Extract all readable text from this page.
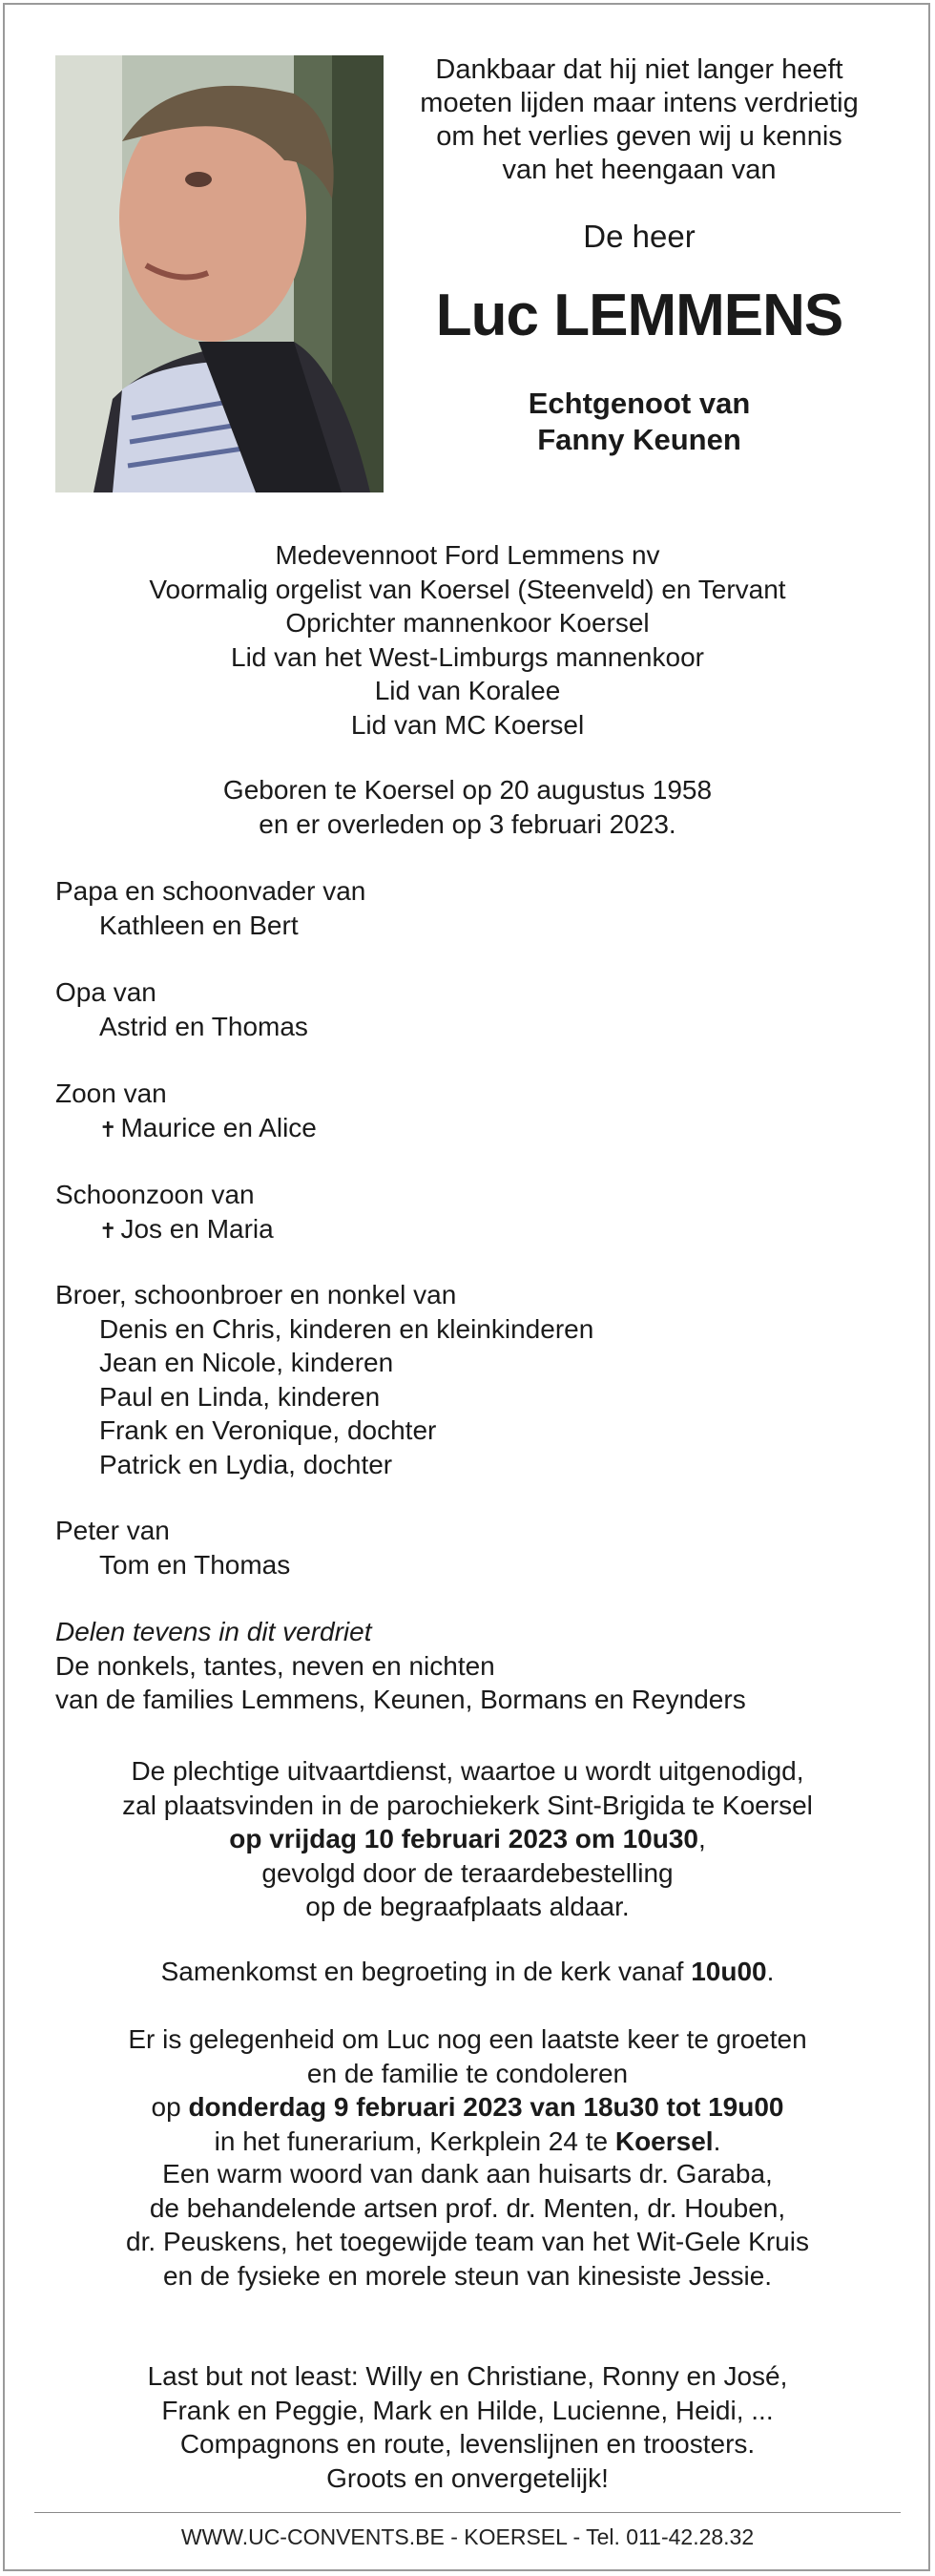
Dankbaar dat hij niet langer heeft
moeten lijden maar intens verdrietig
om het verlies geven wij u kennis
van het heengaan van
De heer
Luc LEMMENS
Echtgenoot van
Fanny Keunen
Medevennoot Ford Lemmens nv
Voormalig orgelist van Koersel (Steenveld) en Tervant
Oprichter mannenkoor Koersel
Lid van het West-Limburgs mannenkoor
Lid van Koralee
Lid van MC Koersel
Geboren te Koersel op 20 augustus 1958
en er overleden op 3 februari 2023.
Papa en schoonvader van
Kathleen en Bert
Opa van
Astrid en Thomas
Zoon van
✝ Maurice en Alice
Schoonzoon van
✝ Jos en Maria
Broer, schoonbroer en nonkel van
Denis en Chris, kinderen en kleinkinderen
Jean en Nicole, kinderen
Paul en Linda, kinderen
Frank en Veronique, dochter
Patrick en Lydia, dochter
Peter van
Tom en Thomas
Delen tevens in dit verdriet
De nonkels, tantes, neven en nichten
van de families Lemmens, Keunen, Bormans en Reynders
De plechtige uitvaartdienst, waartoe u wordt uitgenodigd,
zal plaatsvinden in de parochiekerk Sint-Brigida te Koersel
op vrijdag 10 februari 2023 om 10u30,
gevolgd door de teraardebestelling
op de begraafplaats aldaar.
Samenkomst en begroeting in de kerk vanaf 10u00.
Er is gelegenheid om Luc nog een laatste keer te groeten
en de familie te condoleren
op donderdag 9 februari 2023 van 18u30 tot 19u00
in het funerarium, Kerkplein 24 te Koersel.
Een warm woord van dank aan huisarts dr. Garaba,
de behandelende artsen prof. dr. Menten, dr. Houben,
dr. Peuskens, het toegewijde team van het Wit-Gele Kruis
en de fysieke en morele steun van kinesiste Jessie.
Last but not least: Willy en Christiane, Ronny en José,
Frank en Peggie, Mark en Hilde, Lucienne, Heidi, ...
Compagnons en route, levenslijnen en troosters.
Groots en onvergetelijk!
WWW.UC-CONVENTS.BE - KOERSEL - Tel. 011-42.28.32
